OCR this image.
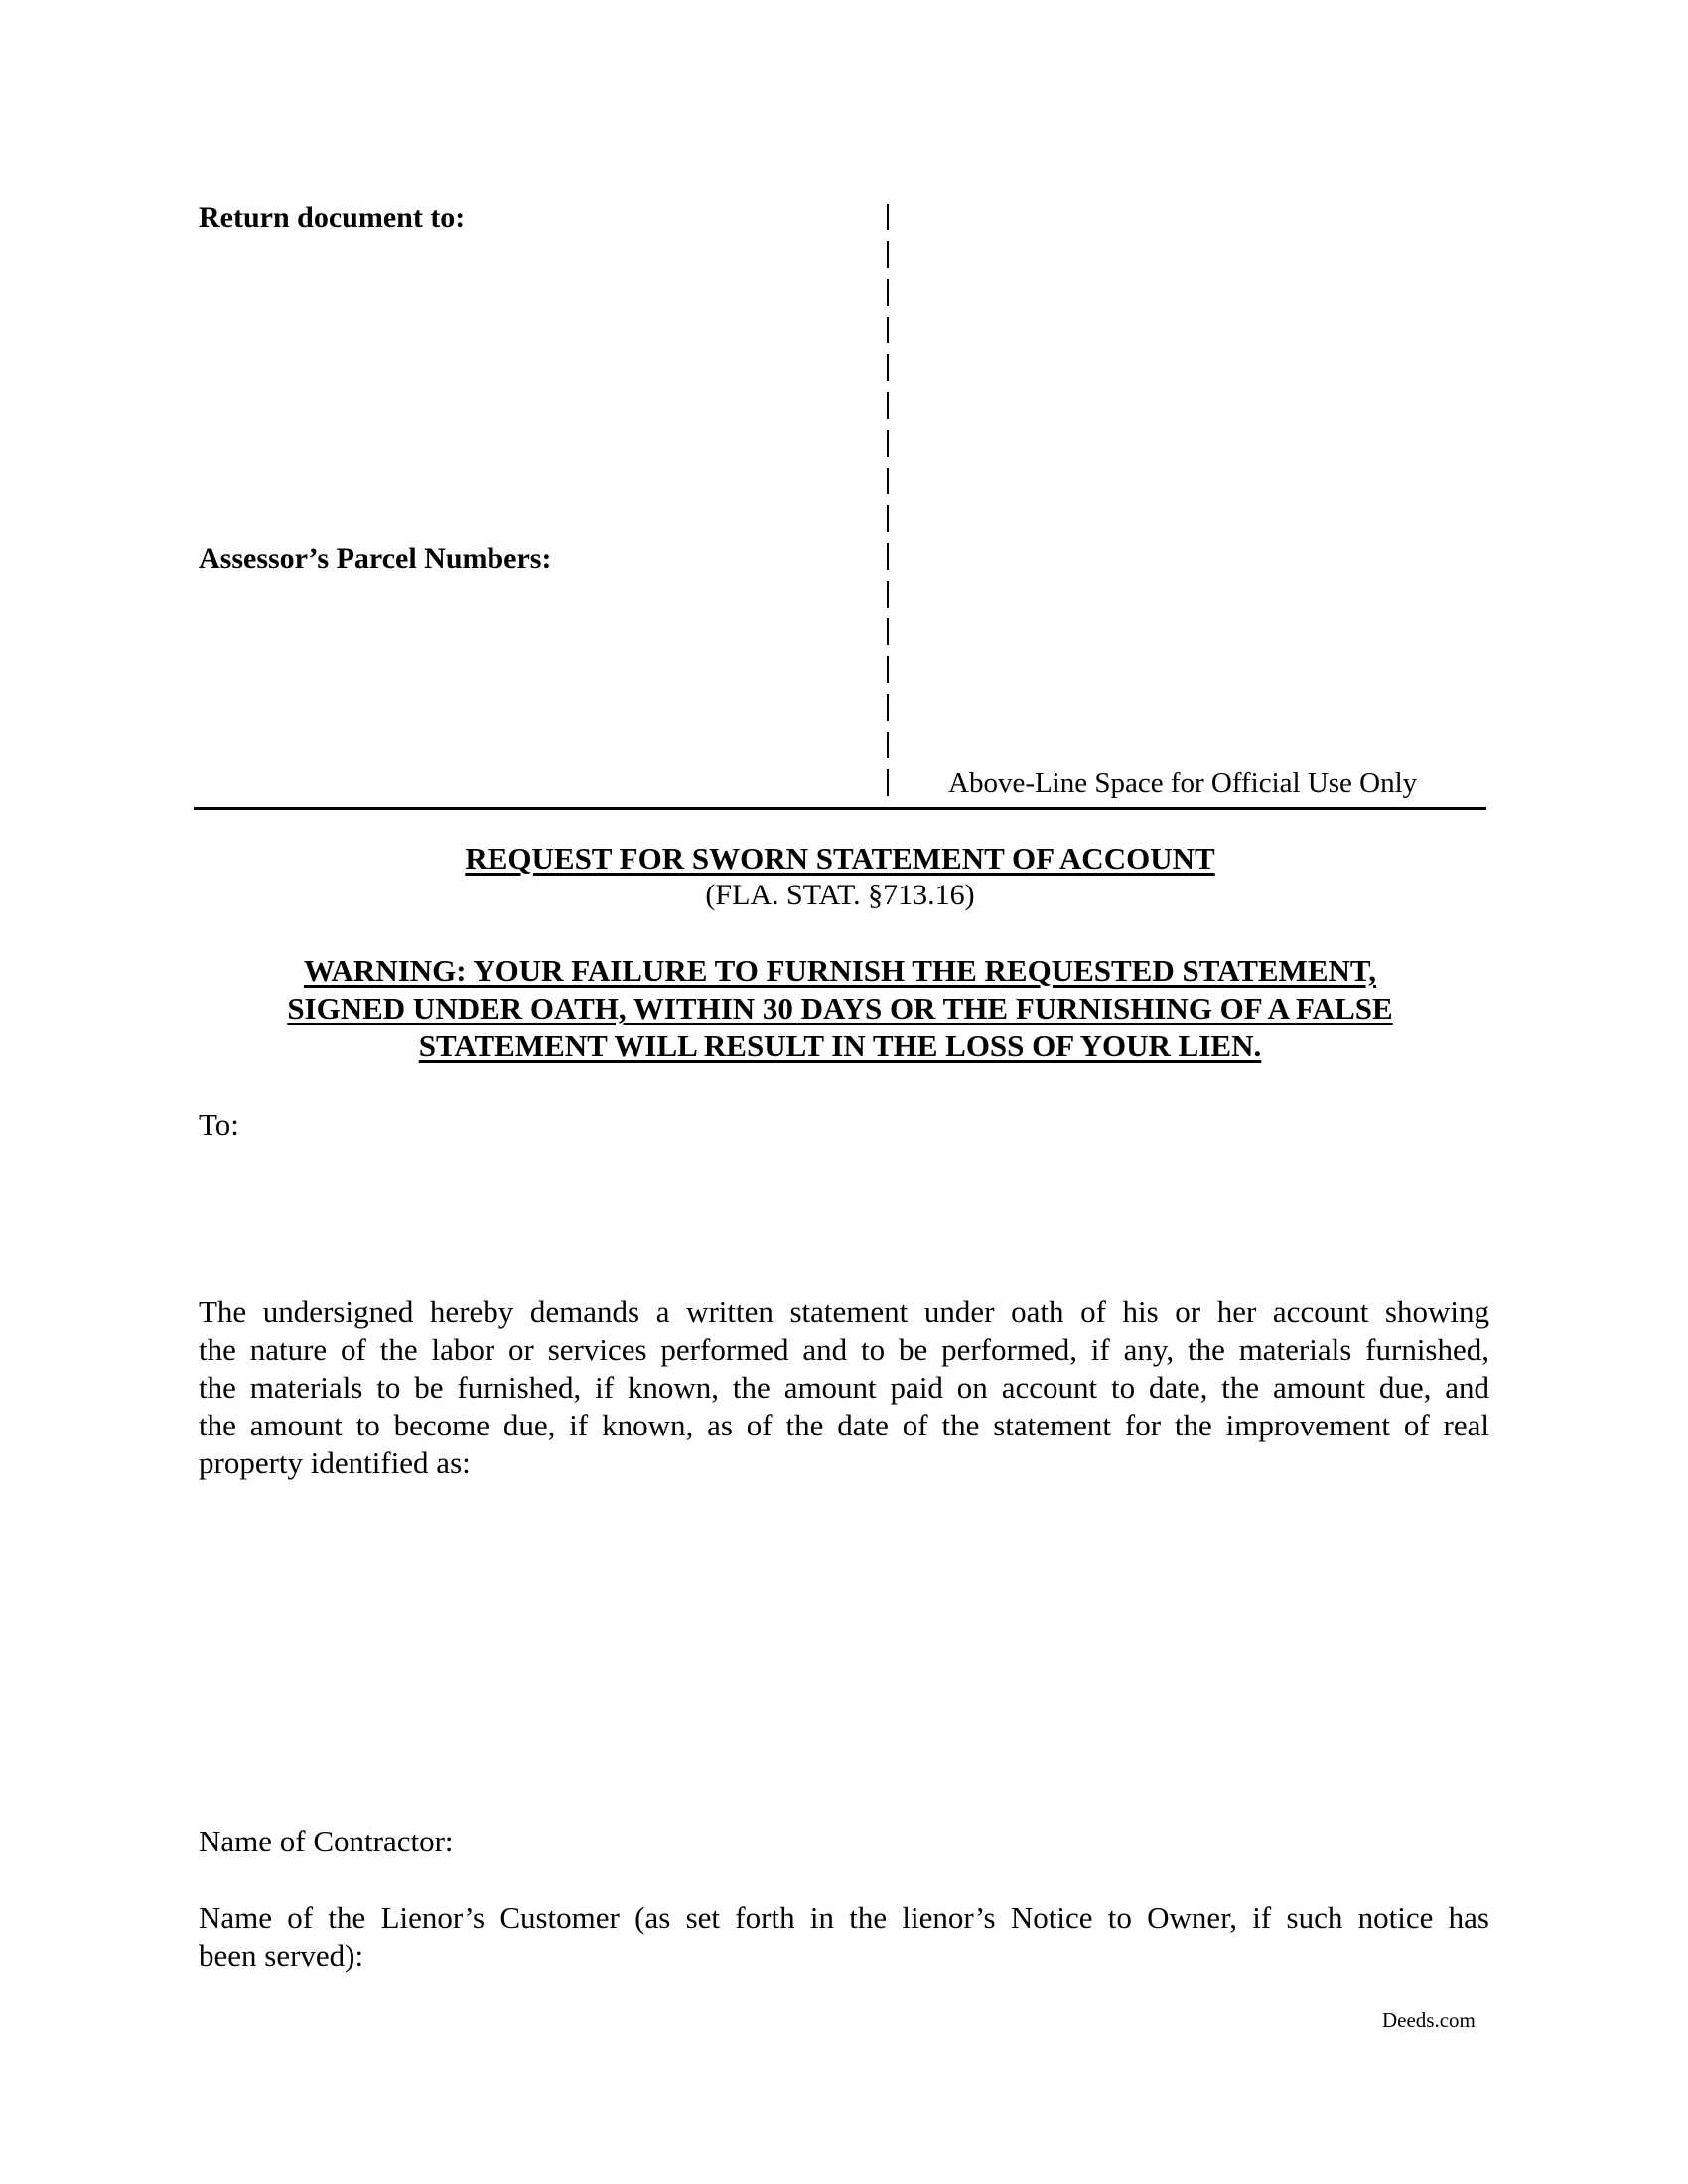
Return document to:
Assessor’s Parcel Numbers:
Above-Line Space for Official Use Only
REQUEST FOR SWORN STATEMENT OF ACCOUNT
(FLA. STAT. §713.16)
WARNING: YOUR FAILURE TO FURNISH THE REQUESTED STATEMENT,
SIGNED UNDER OATH, WITHIN 30 DAYS OR THE FURNISHING OF A FALSE
STATEMENT WILL RESULT IN THE LOSS OF YOUR LIEN.
To:
The undersigned hereby demands a written statement under oath of his or her account showing
the nature of the labor or services performed and to be performed, if any, the materials furnished,
the materials to be furnished, if known, the amount paid on account to date, the amount due, and
the amount to become due, if known, as of the date of the statement for the improvement of real
property identified as:
Name of Contractor:
Name of the Lienor’s Customer (as set forth in the lienor’s Notice to Owner, if such notice has
been served):
Deeds.com
